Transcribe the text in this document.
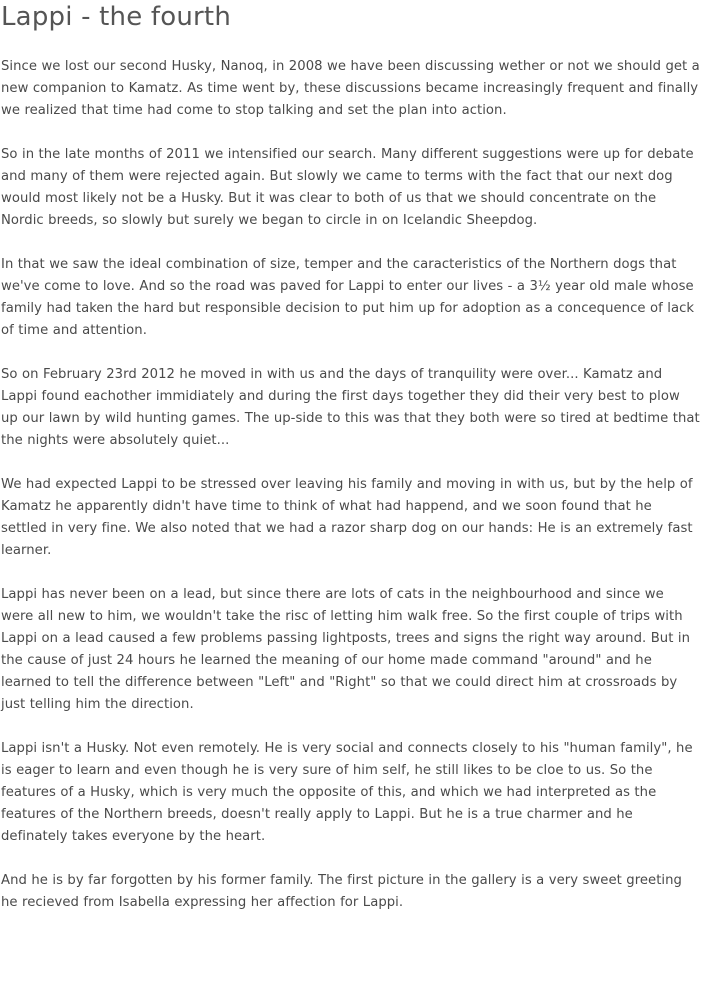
Lappi - the fourth

Since we lost our second Husky, Nanoq, in 2008 we have been discussing wether or not we should get a new companion to Kamatz. As time went by, these discussions became increasingly frequent and finally we realized that time had come to stop talking and set the plan into action.

So in the late months of 2011 we intensified our search. Many different suggestions were up for debate and many of them were rejected again. But slowly we came to terms with the fact that our next dog would most likely not be a Husky. But it was clear to both of us that we should concentrate on the Nordic breeds, so slowly but surely we began to circle in on Icelandic Sheepdog.

In that we saw the ideal combination of size, temper and the caracteristics of the Northern dogs that we've come to love. And so the road was paved for Lappi to enter our lives - a 3½ year old male whose family had taken the hard but responsible decision to put him up for adoption as a concequence of lack of time and attention.

So on February 23rd 2012 he moved in with us and the days of tranquility were over... Kamatz and Lappi found eachother immidiately and during the first days together they did their very best to plow up our lawn by wild hunting games. The up-side to this was that they both were so tired at bedtime that the nights were absolutely quiet...

We had expected Lappi to be stressed over leaving his family and moving in with us, but by the help of Kamatz he apparently didn't have time to think of what had happend, and we soon found that he settled in very fine. We also noted that we had a razor sharp dog on our hands: He is an extremely fast learner.

Lappi has never been on a lead, but since there are lots of cats in the neighbourhood and since we were all new to him, we wouldn't take the risc of letting him walk free. So the first couple of trips with Lappi on a lead caused a few problems passing lightposts, trees and signs the right way around. But in the cause of just 24 hours he learned the meaning of our home made command "around" and he learned to tell the difference between "Left" and "Right" so that we could direct him at crossroads by just telling him the direction.

Lappi isn't a Husky. Not even remotely. He is very social and connects closely to his "human family", he is eager to learn and even though he is very sure of him self, he still likes to be cloe to us. So the features of a Husky, which is very much the opposite of this, and which we had interpreted as the features of the Northern breeds, doesn't really apply to Lappi. But he is a true charmer and he definately takes everyone by the heart.

And he is by far forgotten by his former family. The first picture in the gallery is a very sweet greeting he recieved from Isabella expressing her affection for Lappi.
